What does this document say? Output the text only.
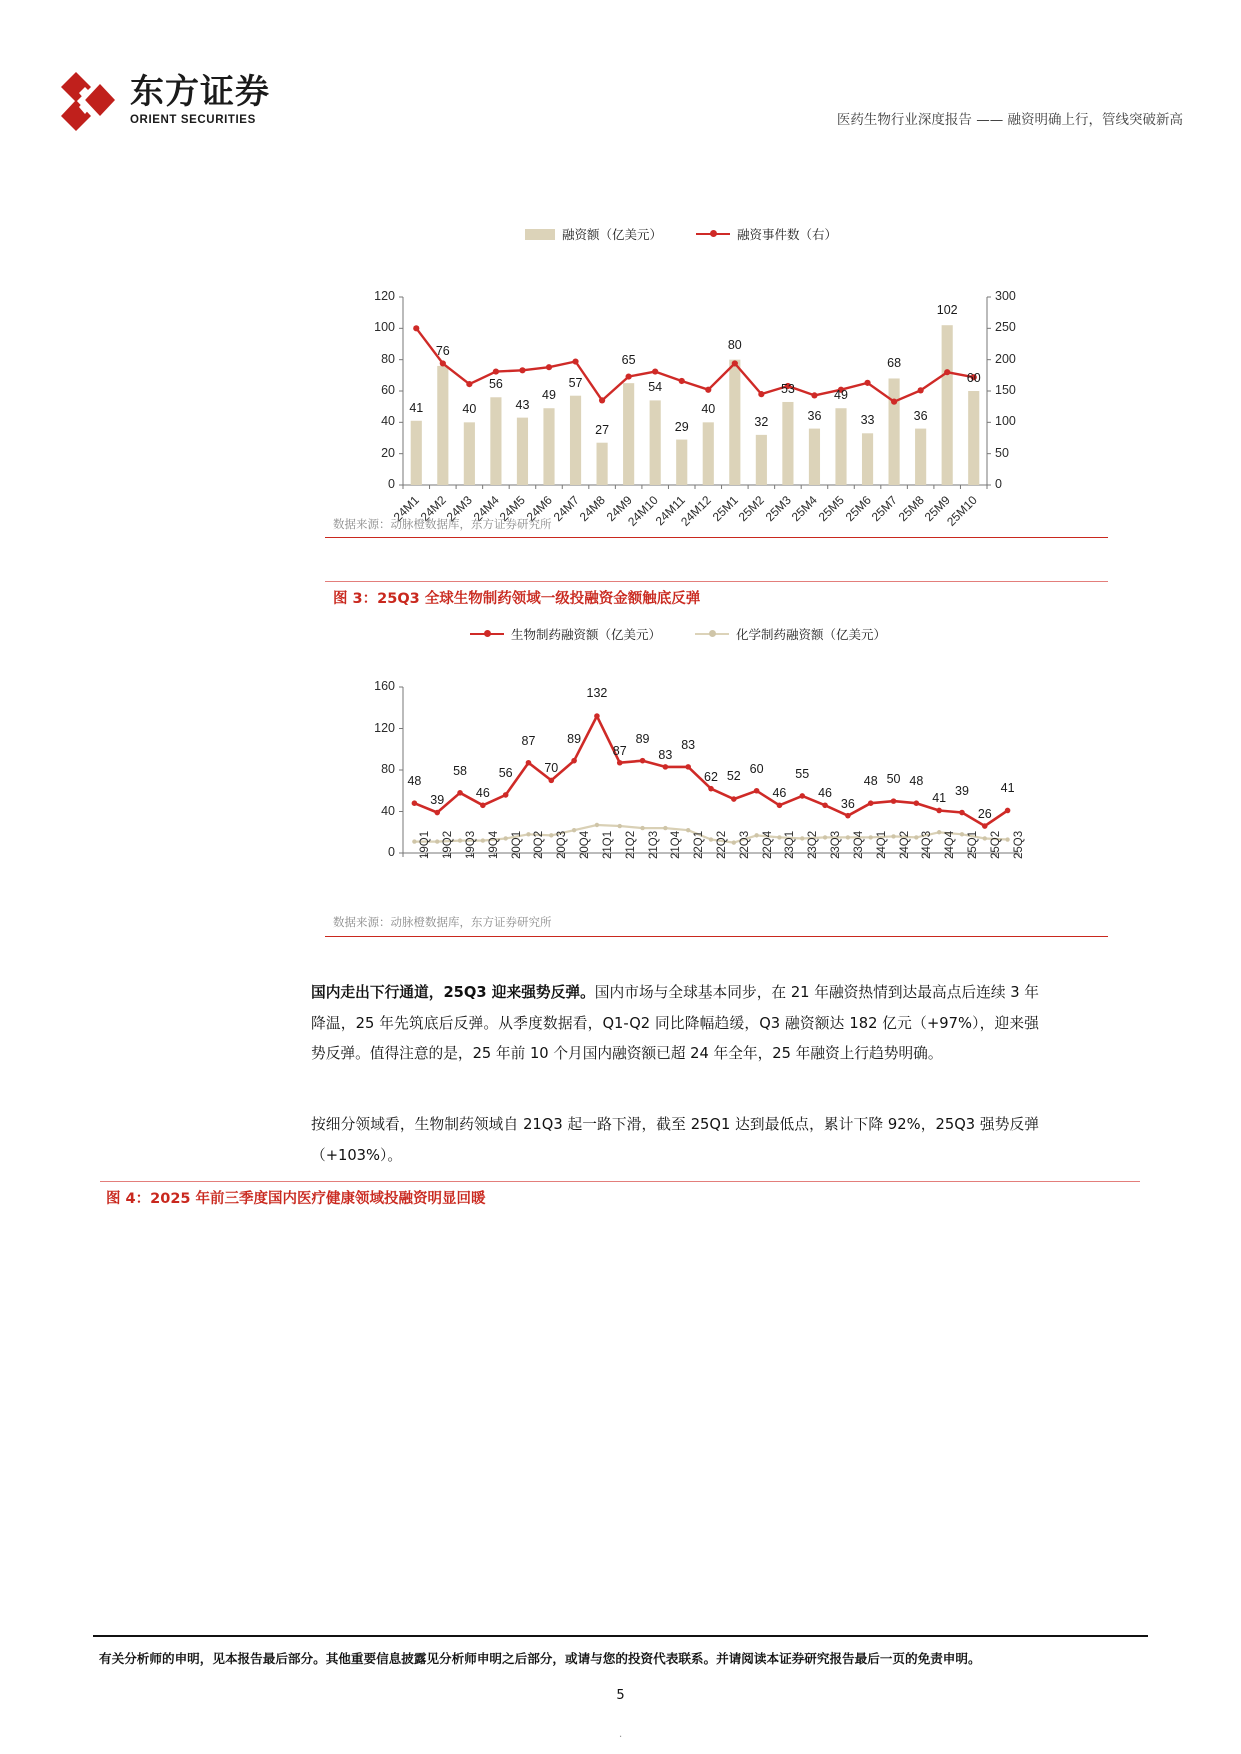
东方证券
ORIENT SECURITIES	医药生物行业深度报告 —— 融资明确上行，管线突破新高
融资额（亿美元）	融资事件数（右）
0
20
40
60
80
100
120
0
50
100
150
200
250
300
41
76
40
56
43
49
57
27
65
54
29
40
80
32
53
36
49
33
68
36
102
60
24M1
24M2
24M3
24M4
24M5
24M6
24M7
24M8
24M9
24M10
24M11
24M12
25M1
25M2
25M3
25M4
25M5
25M6
25M7
25M8
25M9
25M10
数据来源：动脉橙数据库，东方证券研究所
图 3：25Q3 全球生物制药领域一级投融资金额触底反弹
生物制药融资额（亿美元）	化学制药融资额（亿美元）
0
40
80
120
160
48
39
58
46
56
87
70
89
132
87
89
83
83
62 52
60
46
55
46
36
48 50 48
41
39
26
41
19Q1 19Q2 19Q3 19Q4 20Q1 20Q2 20Q3 20Q4 21Q1 21Q2 21Q3 21Q4 22Q1 22Q2 22Q3 22Q4 23Q1 23Q2 23Q3 23Q4 24Q1 24Q2 24Q3 24Q4 25Q1 25Q2 25Q3
数据来源：动脉橙数据库，东方证券研究所
国内走出下行通道，25Q3 迎来强势反弹。国内市场与全球基本同步，在 21 年融资热情到达最高点后连续 3 年降温，25 年先筑底后反弹。从季度数据看，Q1-Q2 同比降幅趋缓，Q3 融资额达 182 亿元（+97%），迎来强势反弹。值得注意的是，25 年前 10 个月国内融资额已超 24 年全年，25 年融资上行趋势明确。
按细分领域看，生物制药领域自 21Q3 起一路下滑，截至 25Q1 达到最低点，累计下降 92%，25Q3 强势反弹（+103%）。
图 4：2025 年前三季度国内医疗健康领域投融资明显回暖
有关分析师的申明，见本报告最后部分。其他重要信息披露见分析师申明之后部分，或请与您的投资代表联系。并请阅读本证券研究报告最后一页的免责申明。
5
.
